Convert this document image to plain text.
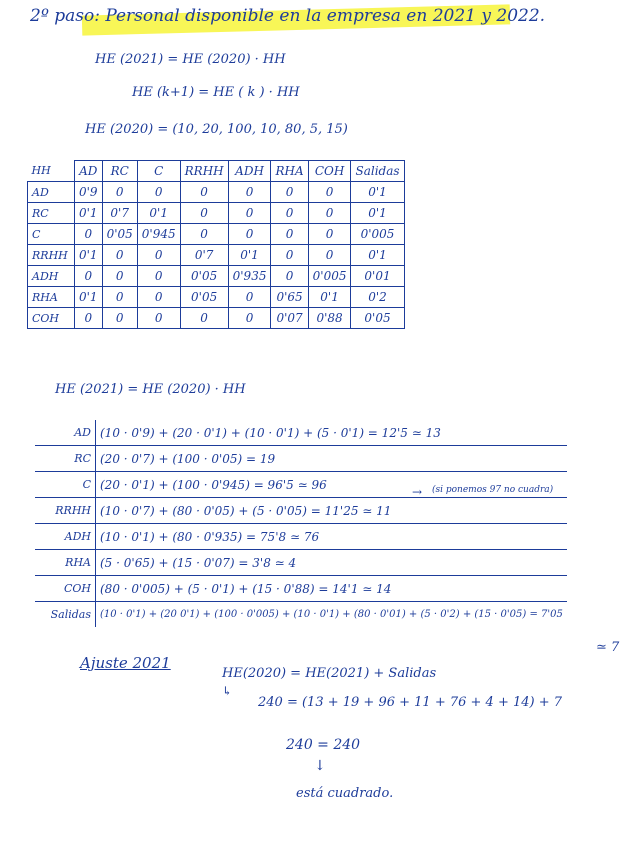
2º paso: Personal disponible en la empresa en 2021 y 2022.
HE (2021) = HE (2020) · HH
HE (k+1) = HE ( k ) · HH
HE (2020) = (10, 20, 100, 10, 80, 5, 15)
HH	AD	RC	C	RRHH	ADH	RHA	COH	Salidas
AD	0'9	0	0	0	0	0	0	0'1
RC	0'1	0'7	0'1	0	0	0	0	0'1
C	0	0'05	0'945	0	0	0	0	0'005
RRHH	0'1	0	0	0'7	0'1	0	0	0'1
ADH	0	0	0	0'05	0'935	0	0'005	0'01
RHA	0'1	0	0	0'05	0	0'65	0'1	0'2
COH	0	0	0	0	0	0'07	0'88	0'05
HE (2021) = HE (2020) · HH
AD	(10 · 0'9) + (20 · 0'1) + (10 · 0'1) + (5 · 0'1) = 12'5 ≃ 13
RC	(20 · 0'7) + (100 · 0'05) = 19
C	(20 · 0'1) + (100 · 0'945) = 96'5 ≃ 96
RRHH	(10 · 0'7) + (80 · 0'05) + (5 · 0'05) = 11'25 ≃ 11
ADH	(10 · 0'1) + (80 · 0'935) = 75'8 ≃ 76
RHA	(5 · 0'65) + (15 · 0'07) = 3'8 ≃ 4
COH	(80 · 0'005) + (5 · 0'1) + (15 · 0'88) = 14'1 ≃ 14
Salidas	(10 · 0'1) + (20 0'1) + (100 · 0'005) + (10 · 0'1) + (80 · 0'01) + (5 · 0'2) + (15 · 0'05) = 7'05
→ (si ponemos 97 no cuadra)
≃ 7
Ajuste 2021
HE(2020) = HE(2021) + Salidas
↳
240 = (13 + 19 + 96 + 11 + 76 + 4 + 14) + 7
240 = 240
↓
está cuadrado.
